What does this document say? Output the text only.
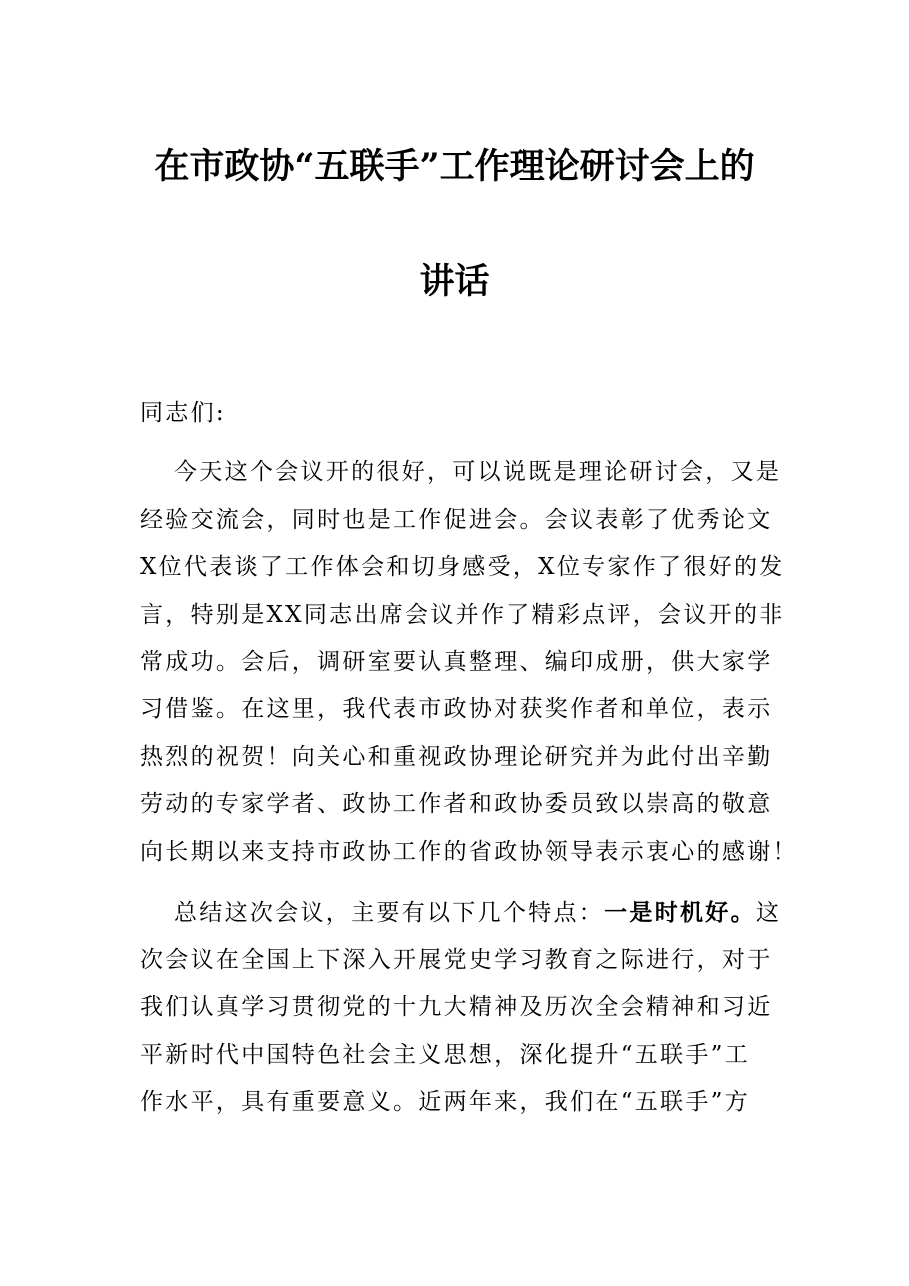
在市政协“五联手”工作理论研讨会上的
讲话
同志们:
今天这个会议开的很好，可以说既是理论研讨会，又是
经验交流会，同时也是工作促进会。会议表彰了优秀论文
X位代表谈了工作体会和切身感受，X位专家作了很好的发
言，特别是XX同志出席会议并作了精彩点评，会议开的非
常成功。会后，调研室要认真整理、编印成册，供大家学
习借鉴。在这里，我代表市政协对获奖作者和单位，表示
热烈的祝贺！向关心和重视政协理论研究并为此付出辛勤
劳动的专家学者、政协工作者和政协委员致以崇高的敬意
向长期以来支持市政协工作的省政协领导表示衷心的感谢！
总结这次会议，主要有以下几个特点：一是时机好。这
次会议在全国上下深入开展党史学习教育之际进行，对于
我们认真学习贯彻党的十九大精神及历次全会精神和习近
平新时代中国特色社会主义思想，深化提升“五联手”工
作水平，具有重要意义。近两年来，我们在“五联手”方
